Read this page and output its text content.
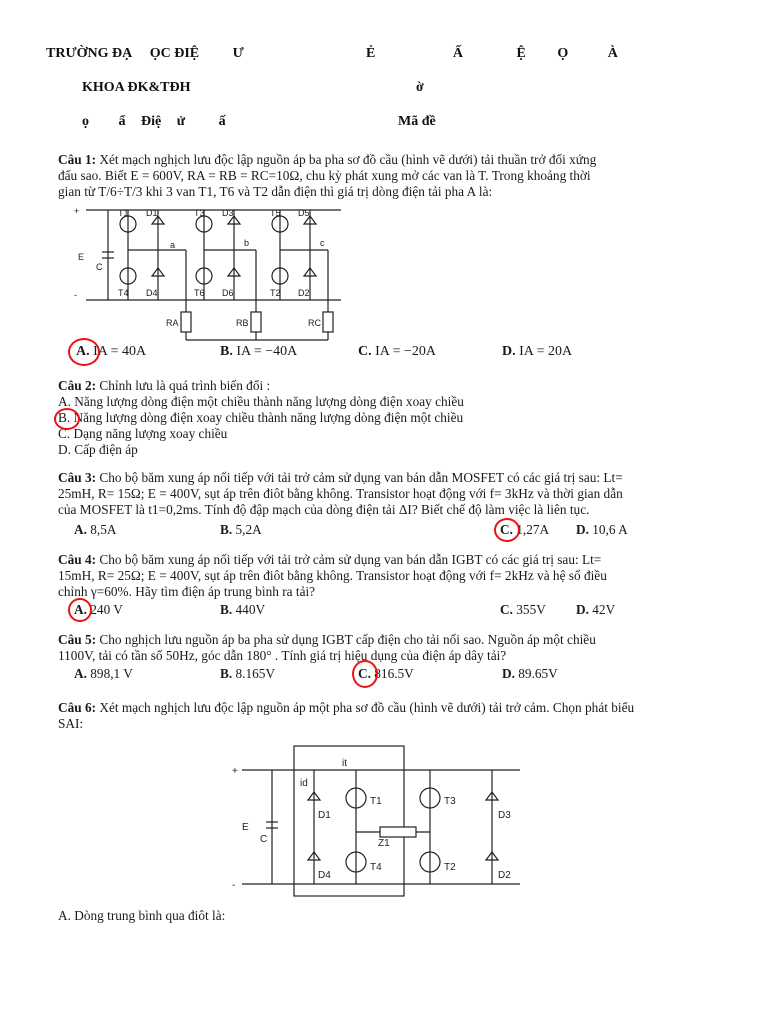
TRƯỜNG ĐẠ ỌC ĐIỆ Ư	Ẻ	Ấ	Ệ Ọ	À
KHOA ĐK&TĐH	ờ
ọ ẩ Điệ ử ấ	Mã đề
Câu 1: Xét mạch nghịch lưu độc lập nguồn áp ba pha sơ đồ cầu (hình vẽ dưới) tải thuần trở đối xứng
đấu sao. Biết E = 600V, RA = RB = RC=10Ω, chu kỳ phát xung mở các van là T. Trong khoảng thời
gian từ T/6÷T/3 khi 3 van T1, T6 và T2 dẫn điện thì giá trị dòng điện tải pha A là:
+
-
E
C
T1 D1	T3 D3	T5 D5
T4 D4	T6 D6	T2 D2
a	b	c
RA	RB	RC
A. IA = 40A	B. IA = −40A	C. IA = −20A	D. IA = 20A
Câu 2: Chỉnh lưu là quá trình biến đổi :
A. Năng lượng dòng điện một chiều thành năng lượng dòng điện xoay chiều
B. Năng lượng dòng điện xoay chiều thành năng lượng dòng điện một chiều
C. Dạng năng lượng xoay chiều
D. Cấp điện áp
Câu 3: Cho bộ băm xung áp nối tiếp với tải trở cảm sử dụng van bán dẫn MOSFET có các giá trị sau: Lt=
25mH, R= 15Ω; E = 400V, sụt áp trên điôt bằng không. Transistor hoạt động với f= 3kHz và thời gian dẫn
của MOSFET là t1=0,2ms. Tính độ đập mạch của dòng điện tải ΔI? Biết chế độ làm việc là liên tục.
A. 8,5A	B. 5,2A	C. 1,27A D. 10,6 A
Câu 4: Cho bộ băm xung áp nối tiếp với tải trở cảm sử dụng van bán dẫn IGBT có các giá trị sau: Lt=
15mH, R= 25Ω; E = 400V, sụt áp trên điôt bằng không. Transistor hoạt động với f= 2kHz và hệ số điều
chỉnh γ=60%. Hãy tìm điện áp trung bình ra tải?
A. 240 V	B. 440V	C. 355V D. 42V
Câu 5: Cho nghịch lưu nguồn áp ba pha sử dụng IGBT cấp điện cho tải nối sao. Nguồn áp một chiều
1100V, tải có tần số 50Hz, góc dẫn 180° . Tính giá trị hiệu dụng của điện áp dây tải?
A. 898,1 V	B. 8.165V	C. 816.5V	D. 89.65V
Câu 6: Xét mạch nghịch lưu độc lập nguồn áp một pha sơ đồ cầu (hình vẽ dưới) tải trở cảm. Chọn phát biểu
SAI:
+
-
E
C
T1
T2
T3
T4
D1
D2
D3
D4
Z1
id
it
A. Dòng trung bình qua điôt là:
